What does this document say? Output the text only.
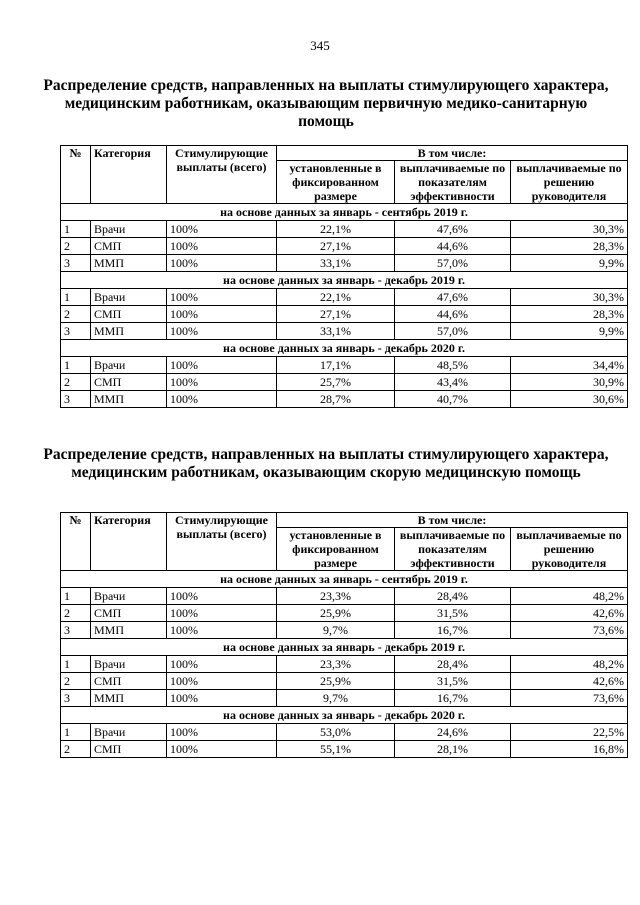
345
Распределение средств, направленных на выплаты стимулирующего характера, медицинским работникам, оказывающим первичную медико-санитарную помощь
№	Категория	Стимулирующие выплаты (всего)	В том числе:		
			установленные в фиксированном размере	выплачиваемые по показателям эффективности	выплачиваемые по решению руководителя
на основе данных за январь - сентябрь 2019 г.					
1	Врачи	100%	22,1%	47,6%	30,3%
2	СМП	100%	27,1%	44,6%	28,3%
3	ММП	100%	33,1%	57,0%	9,9%
на основе данных за январь - декабрь 2019 г.					
1	Врачи	100%	22,1%	47,6%	30,3%
2	СМП	100%	27,1%	44,6%	28,3%
3	ММП	100%	33,1%	57,0%	9,9%
на основе данных за январь - декабрь 2020 г.					
1	Врачи	100%	17,1%	48,5%	34,4%
2	СМП	100%	25,7%	43,4%	30,9%
3	ММП	100%	28,7%	40,7%	30,6%
Распределение средств, направленных на выплаты стимулирующего характера, медицинским работникам, оказывающим скорую медицинскую помощь
№	Категория	Стимулирующие выплаты (всего)	В том числе:		
			установленные в фиксированном размере	выплачиваемые по показателям эффективности	выплачиваемые по решению руководителя
на основе данных за январь - сентябрь 2019 г.					
1	Врачи	100%	23,3%	28,4%	48,2%
2	СМП	100%	25,9%	31,5%	42,6%
3	ММП	100%	9,7%	16,7%	73,6%
на основе данных за январь - декабрь 2019 г.					
1	Врачи	100%	23,3%	28,4%	48,2%
2	СМП	100%	25,9%	31,5%	42,6%
3	ММП	100%	9,7%	16,7%	73,6%
на основе данных за январь - декабрь 2020 г.					
1	Врачи	100%	53,0%	24,6%	22,5%
2	СМП	100%	55,1%	28,1%	16,8%
